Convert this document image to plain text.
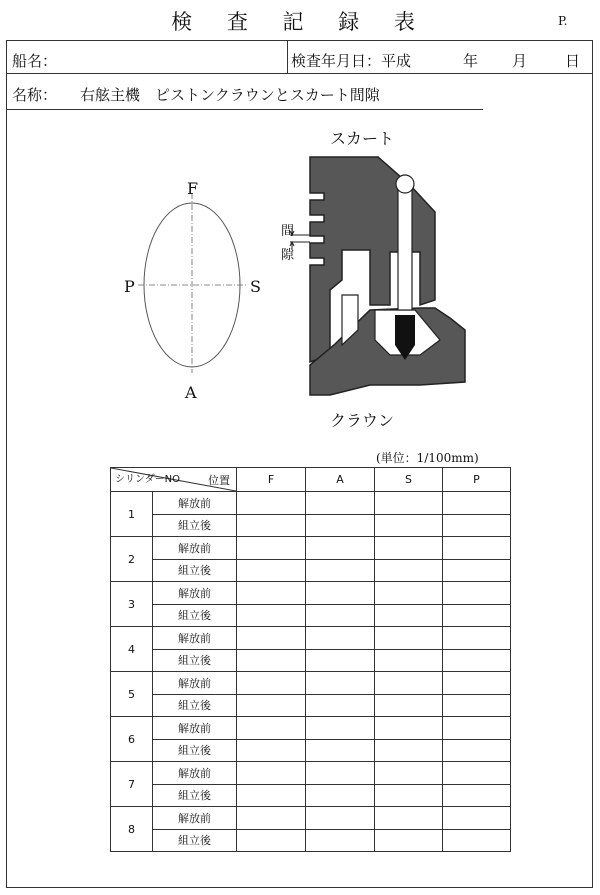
検 査 記 録 表	P.
船名：	検査年月日：平成	年 月	日
名称： 右舷主機　ピストンクラウンとスカート間隙
F
A
P	S
スカート
クラウン
間
隙
(単位：1/100mm)
シリンダーNO 位置		F	A	S	P
1	解放前				
	組立後				
2	解放前				
	組立後				
3	解放前				
	組立後				
4	解放前				
	組立後				
5	解放前				
	組立後				
6	解放前				
	組立後				
7	解放前				
	組立後				
8	解放前				
	組立後				
